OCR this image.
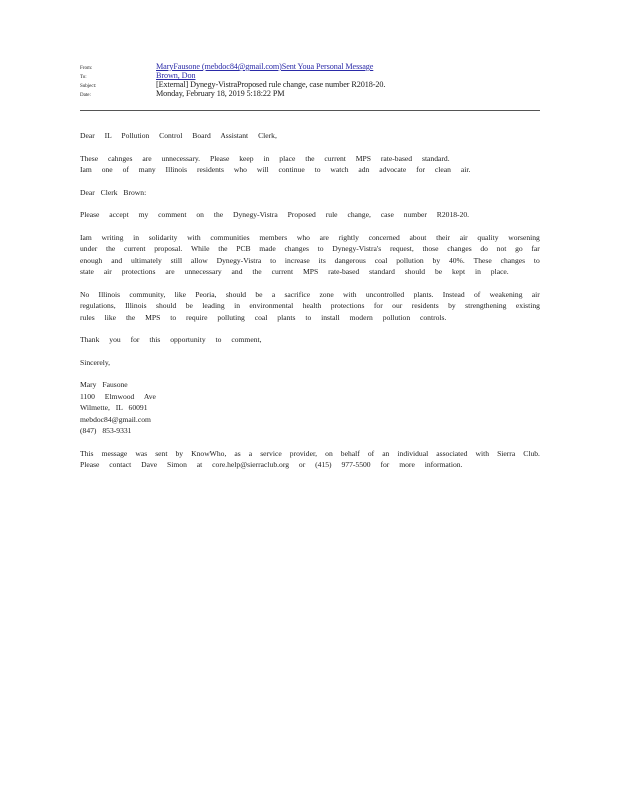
From:	MaryFausone (mebdoc84@gmail.com)Sent Youa Personal Message
To:	Brown, Don
Subject:	[External] Dynegy-VistraProposed rule change, case number R2018-20.
Date:	Monday, February 18, 2019 5:18:22 PM
Dear IL Pollution Control Board Assistant Clerk,
These cahnges are unnecessary. Please keep in place the current MPS rate-based standard.
Iam one of many Illinois residents who will continue to watch adn advocate for clean air.
Dear Clerk Brown:
Please accept my comment on the Dynegy-Vistra Proposed rule change, case number R2018-20.
Iam writing in solidarity with communities members who are rightly concerned about their air quality worsening
under the current proposal. While the PCB made changes to Dynegy-Vistra's request, those changes do not go far
enough and ultimately still allow Dynegy-Vistra to increase its dangerous coal pollution by 40%. These changes to
state air protections are unnecessary and the current MPS rate-based standard should be kept in place.
No Illinois community, like Peoria, should be a sacrifice zone with uncontrolled plants. Instead of weakening air
regulations, Illinois should be leading in environmental health protections for our residents by strengthening existing
rules like the MPS to require polluting coal plants to install modern pollution controls.
Thank you for this opportunity to comment,
Sincerely,
Mary Fausone
1100 Elmwood Ave
Wilmette, IL 60091
mebdoc84@gmail.com
(847) 853-9331
This message was sent by KnowWho, as a service provider, on behalf of an individual associated with Sierra Club.
Please contact Dave Simon at core.help@sierraclub.org or (415) 977-5500 for more information.
